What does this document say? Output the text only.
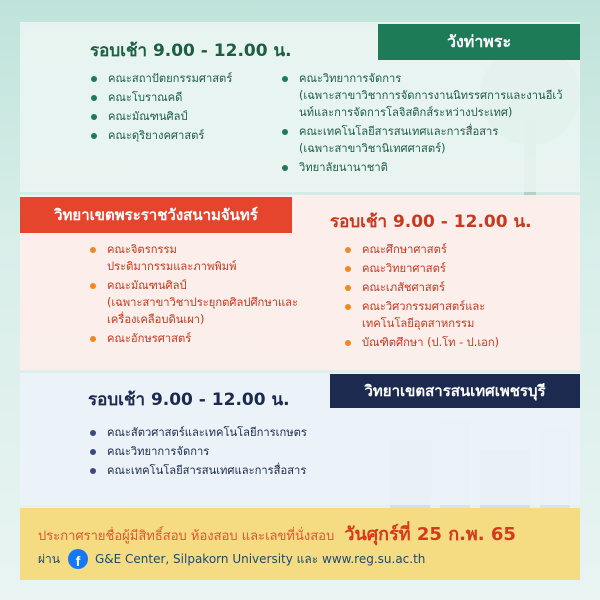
วังท่าพระ
รอบเช้า 9.00 - 12.00 น.
คณะสถาปัตยกรรมศาสตร์
คณะโบราณคดี
คณะมัณฑนศิลป์
คณะดุริยางคศาสตร์
คณะวิทยาการจัดการ
(เฉพาะสาขาวิชาการจัดการงานนิทรรศการและงานอีเว้นท์และการจัดการโลจิสติกส์ระหว่างประเทศ)
คณะเทคโนโลยีสารสนเทศและการสื่อสาร
(เฉพาะสาขาวิชานิเทศศาสตร์)
วิทยาลัยนานาชาติ
วิทยาเขตพระราชวังสนามจันทร์	รอบเช้า 9.00 - 12.00 น.
คณะจิตรกรรม
ประติมากรรมและภาพพิมพ์
คณะมัณฑนศิลป์
(เฉพาะสาขาวิชาประยุกตศิลปศึกษาและเครื่องเคลือบดินเผา)
คณะอักษรศาสตร์
คณะศึกษาศาสตร์
คณะวิทยาศาสตร์
คณะเภสัชศาสตร์
คณะวิศวกรรมศาสตร์และ
เทคโนโลยีอุตสาหกรรม
บัณฑิตศึกษา (ป.โท - ป.เอก)
วิทยาเขตสารสนเทศเพชรบุรี
รอบเช้า 9.00 - 12.00 น.
คณะสัตวศาสตร์และเทคโนโลยีการเกษตร
คณะวิทยาการจัดการ
คณะเทคโนโลยีสารสนเทศและการสื่อสาร
ประกาศรายชื่อผู้มีสิทธิ์สอบ ห้องสอบ และเลขที่นั่งสอบ วันศุกร์ที่ 25 ก.พ. 65
ผ่าน	f	G&E Center, Silpakorn University และ www.reg.su.ac.th
